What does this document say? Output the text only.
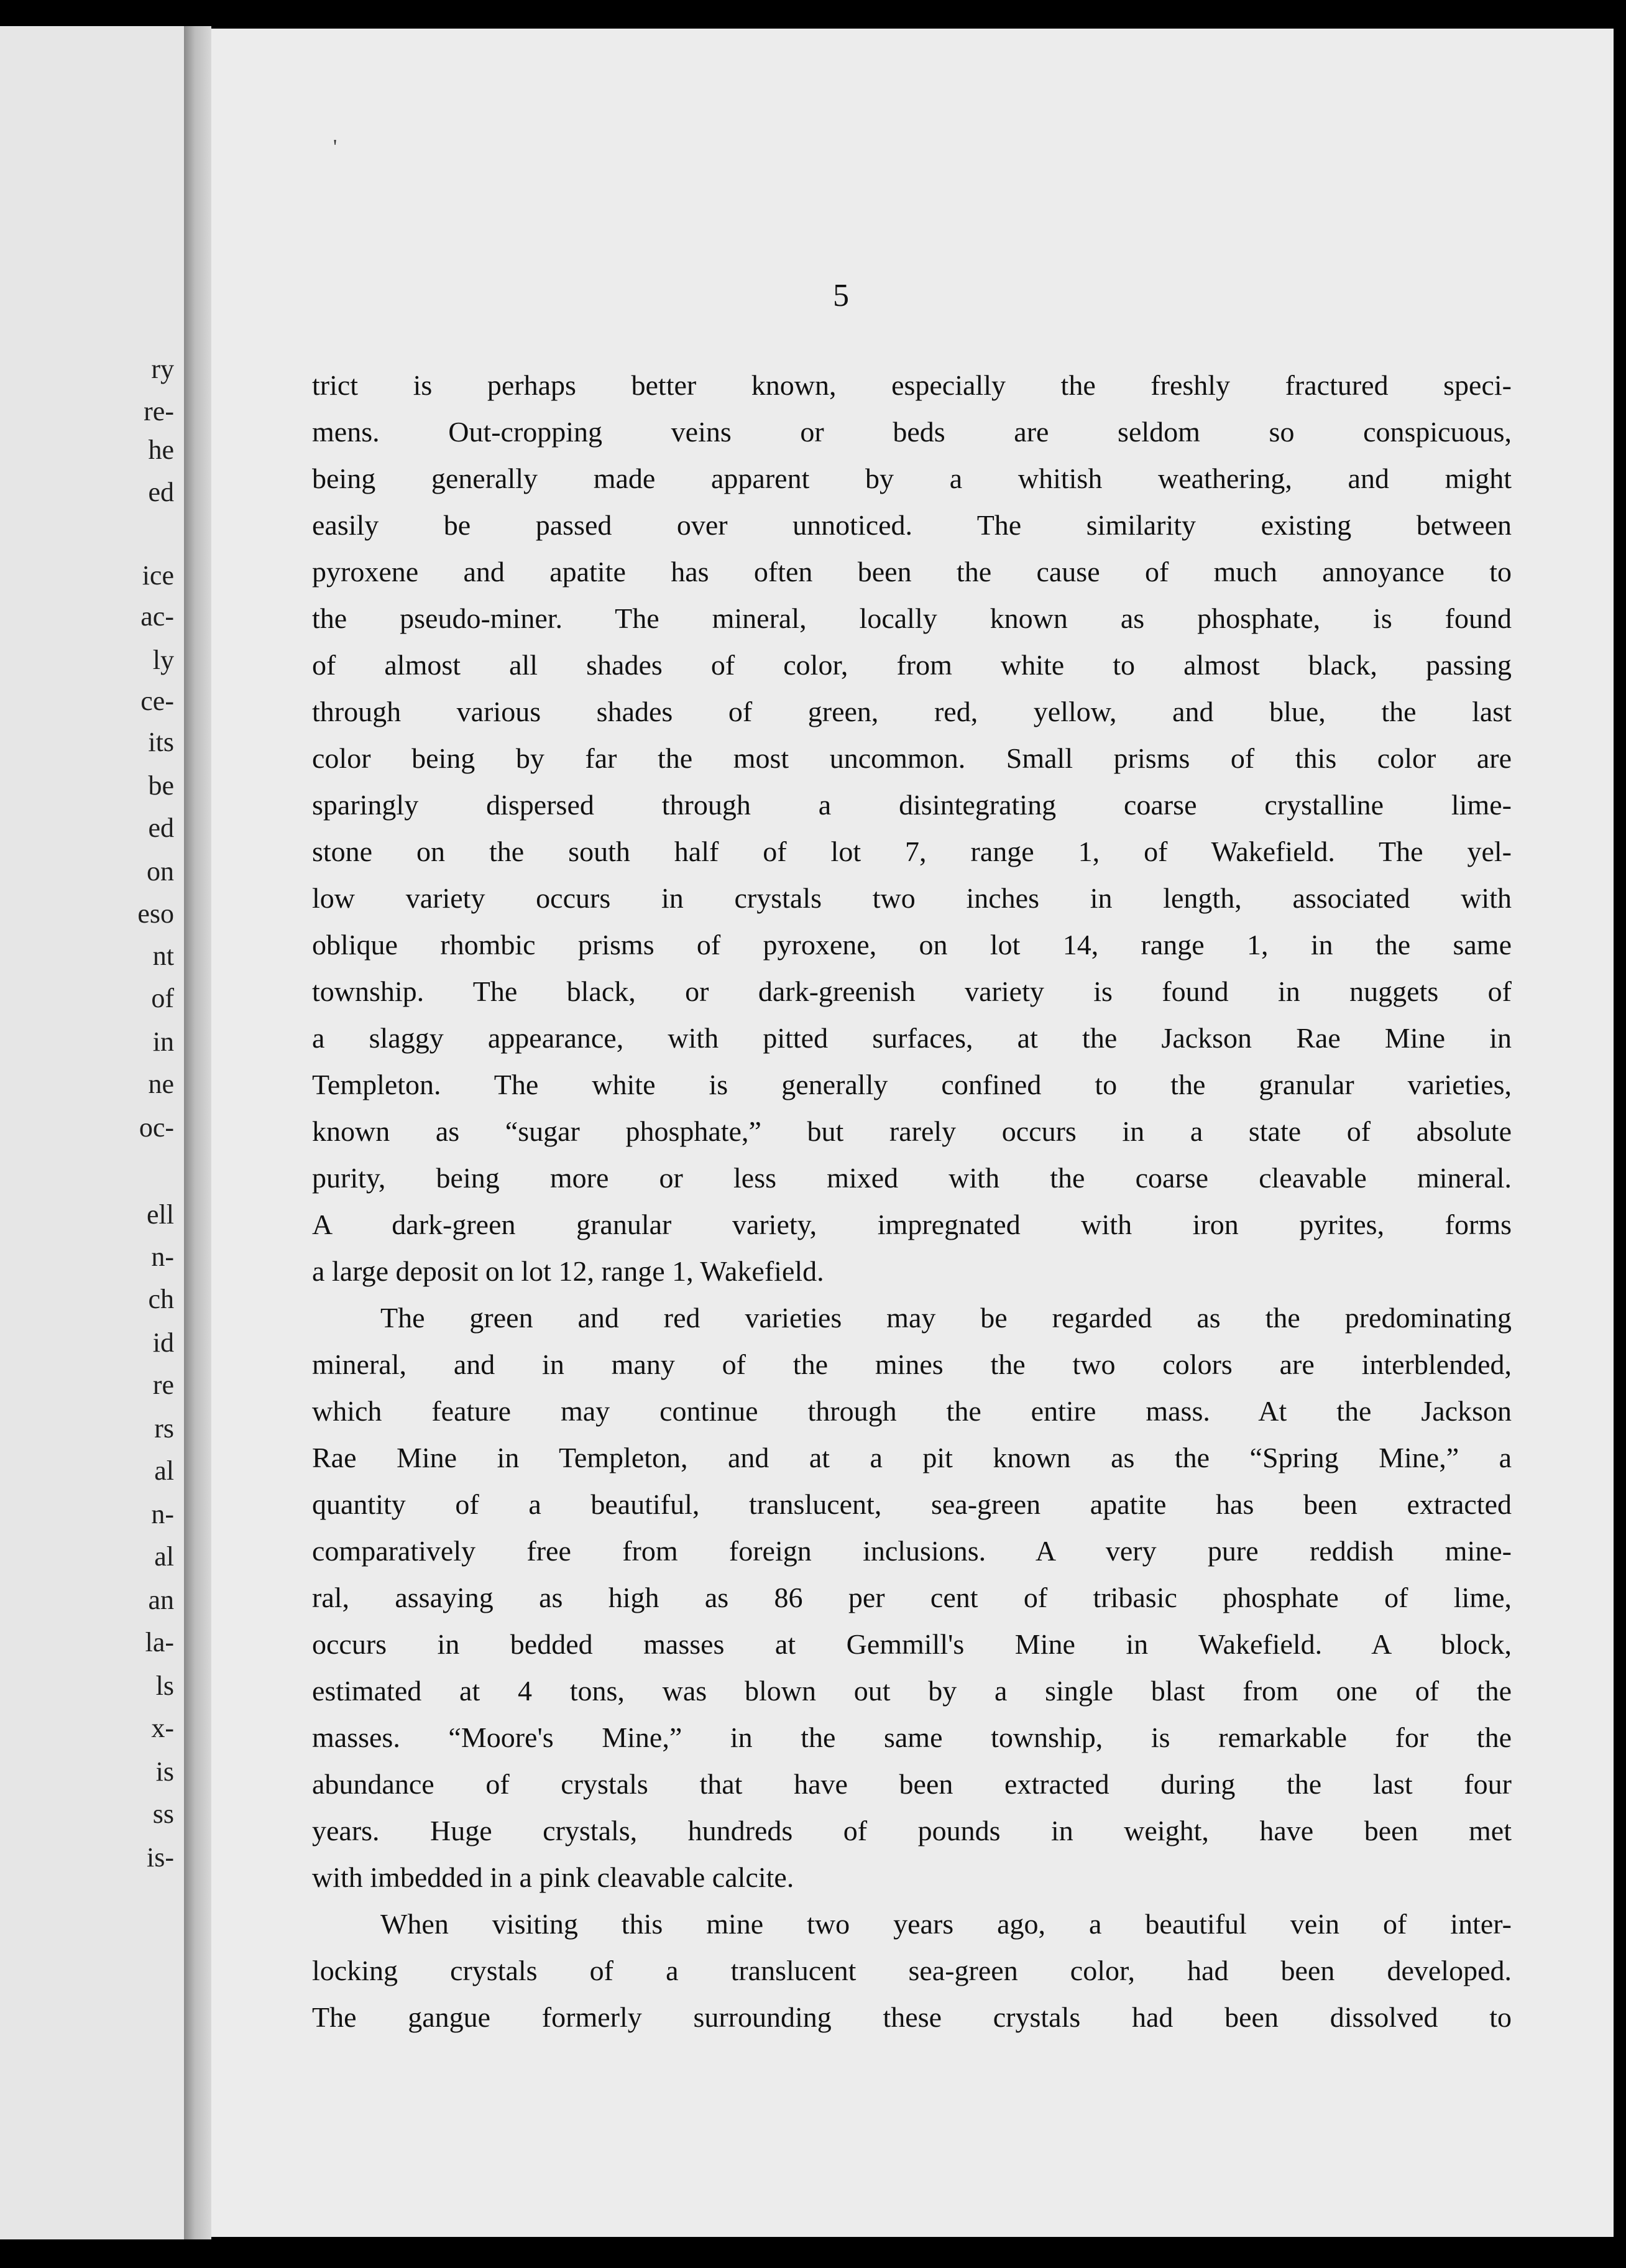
ry
re-
he
ed
ice
ac-
ly
ce-
its
be
ed
on
eso
nt
of
in
ne
oc-
ell
n-
ch
id
re
rs
al
n-
al
an
la-
ls
x-
is
ss
is-
'
5
trict is perhaps better known, especially the freshly fractured speci-
mens. Out-cropping veins or beds are seldom so conspicuous,
being generally made apparent by a whitish weathering, and might
easily be passed over unnoticed. The similarity existing between
pyroxene and apatite has often been the cause of much annoyance to
the pseudo-miner. The mineral, locally known as phosphate, is found
of almost all shades of color, from white to almost black, passing
through various shades of green, red, yellow, and blue, the last
color being by far the most uncommon. Small prisms of this color are
sparingly dispersed through a disintegrating coarse crystalline lime-
stone on the south half of lot 7, range 1, of Wakefield. The yel-
low variety occurs in crystals two inches in length, associated with
oblique rhombic prisms of pyroxene, on lot 14, range 1, in the same
township. The black, or dark-greenish variety is found in nuggets of
a slaggy appearance, with pitted surfaces, at the Jackson Rae Mine in
Templeton. The white is generally confined to the granular varieties,
known as “sugar phosphate,” but rarely occurs in a state of absolute
purity, being more or less mixed with the coarse cleavable mineral.
A dark-green granular variety, impregnated with iron pyrites, forms
a large deposit on lot 12, range 1, Wakefield.
The green and red varieties may be regarded as the predominating
mineral, and in many of the mines the two colors are interblended,
which feature may continue through the entire mass. At the Jackson
Rae Mine in Templeton, and at a pit known as the “Spring Mine,” a
quantity of a beautiful, translucent, sea-green apatite has been extracted
comparatively free from foreign inclusions. A very pure reddish mine-
ral, assaying as high as 86 per cent of tribasic phosphate of lime,
occurs in bedded masses at Gemmill's Mine in Wakefield. A block,
estimated at 4 tons, was blown out by a single blast from one of the
masses. “Moore's Mine,” in the same township, is remarkable for the
abundance of crystals that have been extracted during the last four
years. Huge crystals, hundreds of pounds in weight, have been met
with imbedded in a pink cleavable calcite.
When visiting this mine two years ago, a beautiful vein of inter-
locking crystals of a translucent sea-green color, had been developed.
The gangue formerly surrounding these crystals had been dissolved to
